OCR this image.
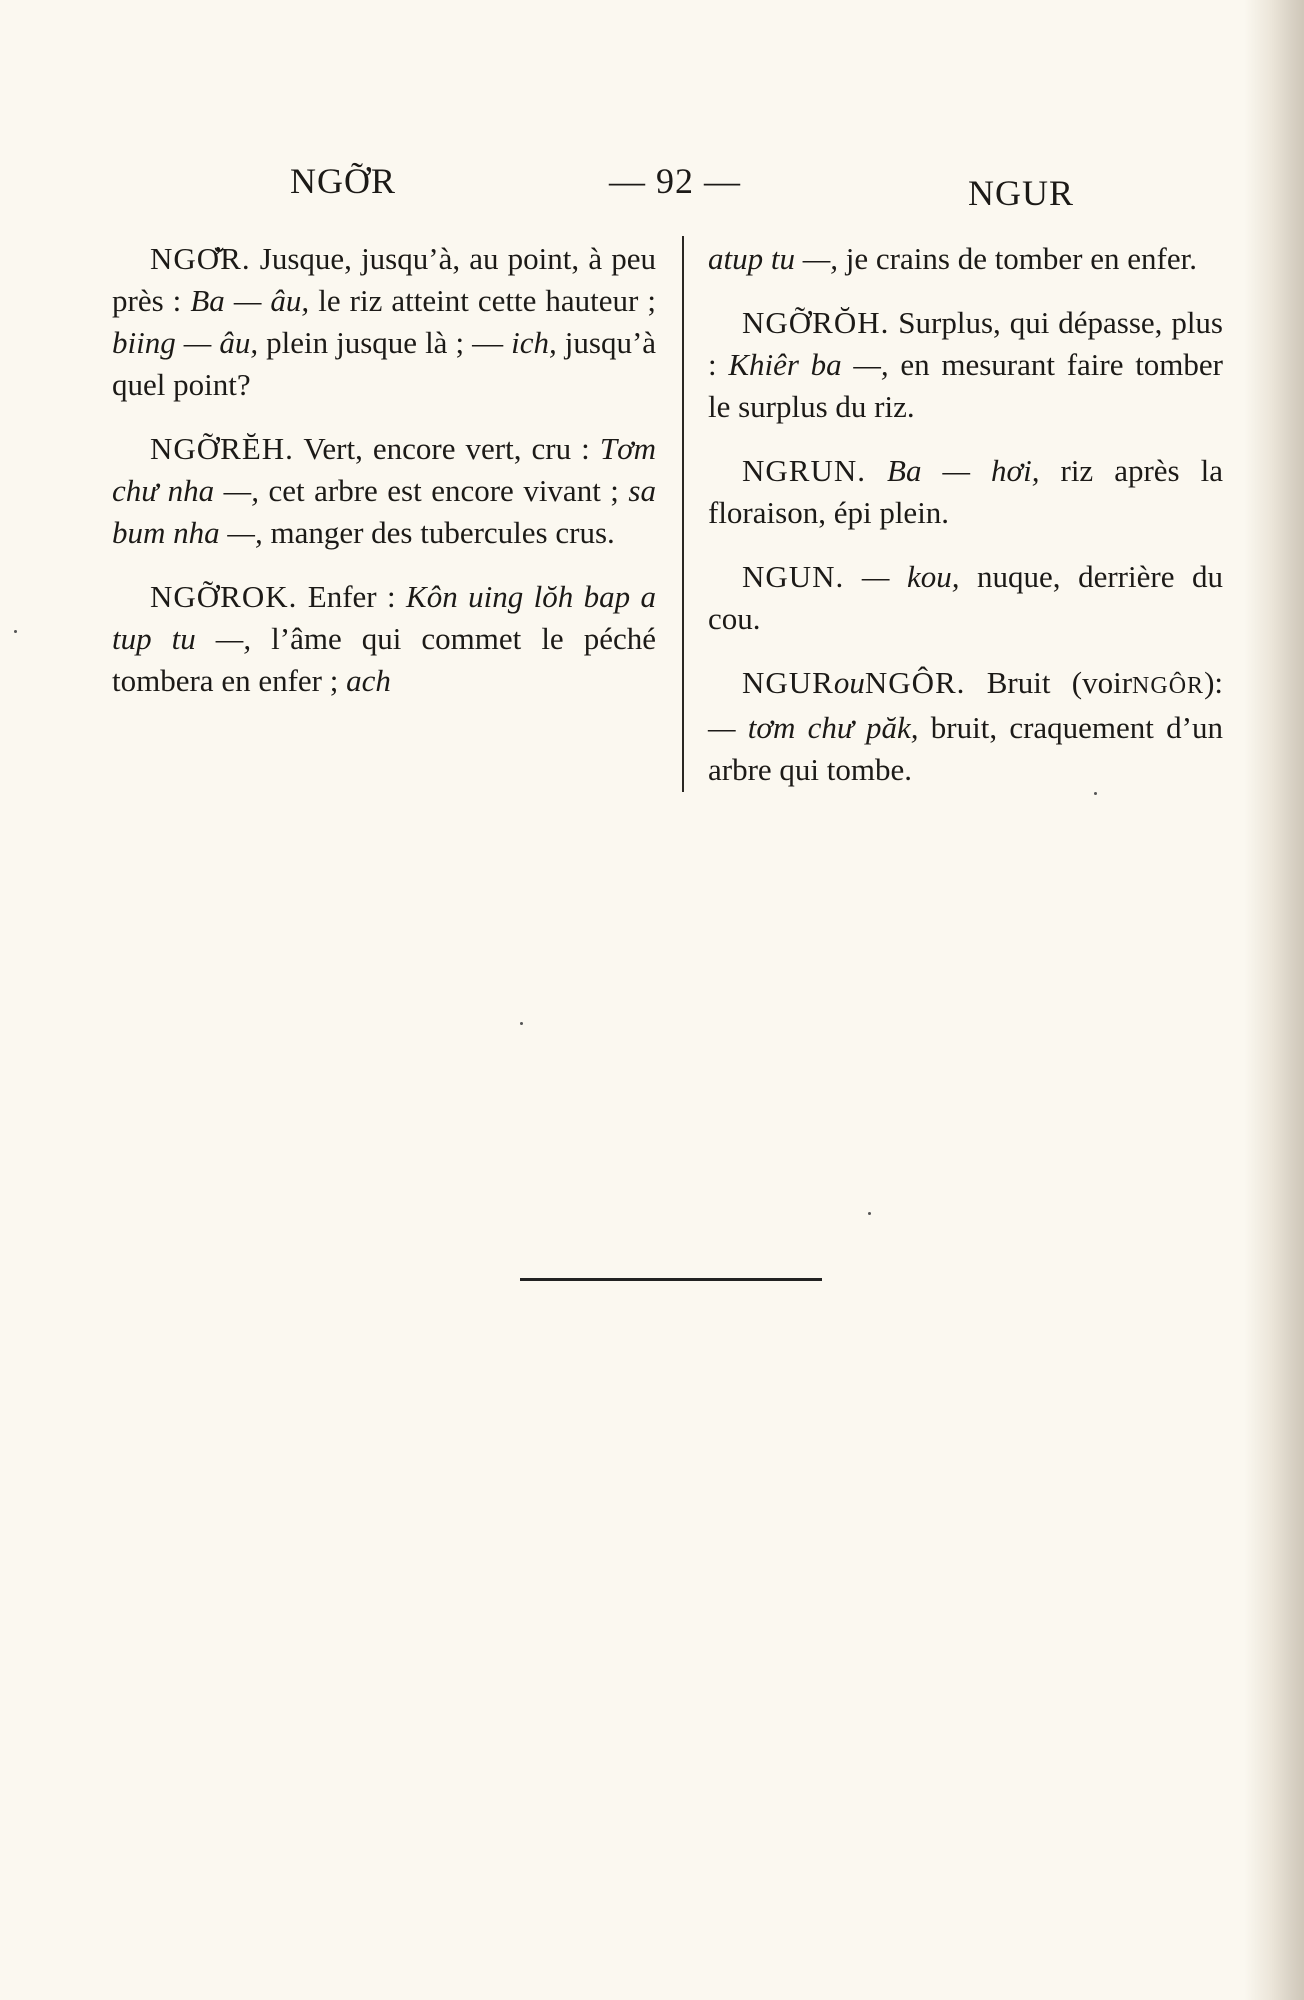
NGỠR	— 92 —	NGUR

NGƠ̆R. Jusque, jusqu’à, au point, à peu près : Ba — âu, le riz atteint cette hauteur ; biing — âu, plein jusque là ; — ich, jusqu’à quel point?

NGỠRĔH. Vert, encore vert, cru : Tơm chư nha —, cet arbre est encore vivant ; sa bum nha —, manger des tubercules crus.

NGỠROK. Enfer : Kôn uing lŏh bap a tup tu —, l’âme qui commet le péché tombera en enfer ; ach

atup tu —, je crains de tomber en enfer.

NGỠRŎH. Surplus, qui dépasse, plus : Khiêr ba —, en mesurant faire tomber le surplus du riz.

NGRUN. Ba — hơi, riz après la floraison, épi plein.

NGUN. — kou, nuque, derrière du cou.

NGURouNGÔR. Bruit (voirNGÔR): — tơm chư păk, bruit, craquement d’un arbre qui tombe.
